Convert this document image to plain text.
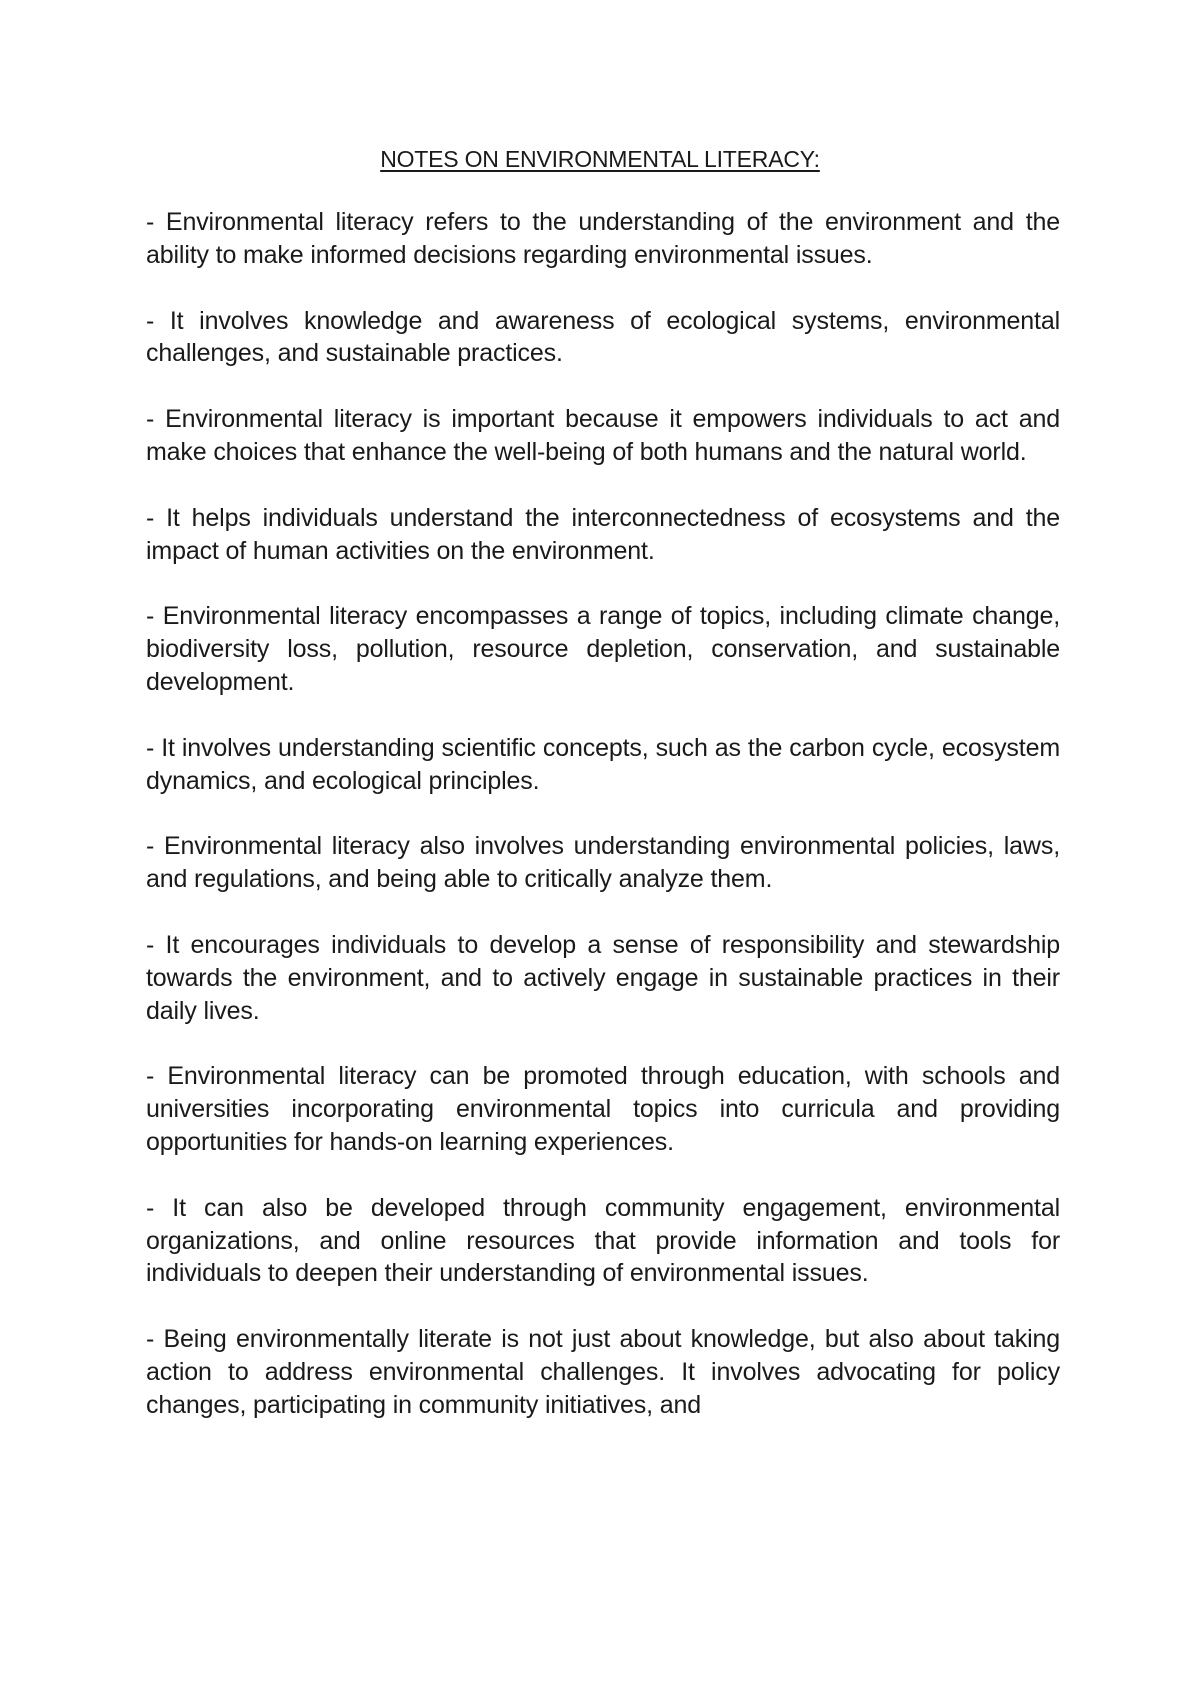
NOTES ON ENVIRONMENTAL LITERACY:

- Environmental literacy refers to the understanding of the environment and the ability to make informed decisions regarding environmental issues.

- It involves knowledge and awareness of ecological systems, environmental challenges, and sustainable practices.

- Environmental literacy is important because it empowers individuals to act and make choices that enhance the well-being of both humans and the natural world.

- It helps individuals understand the interconnectedness of ecosystems and the impact of human activities on the environment.

- Environmental literacy encompasses a range of topics, including climate change, biodiversity loss, pollution, resource depletion, conservation, and sustainable development.

- It involves understanding scientific concepts, such as the carbon cycle, ecosystem dynamics, and ecological principles.

- Environmental literacy also involves understanding environmental policies, laws, and regulations, and being able to critically analyze them.

- It encourages individuals to develop a sense of responsibility and stewardship towards the environment, and to actively engage in sustainable practices in their daily lives.

- Environmental literacy can be promoted through education, with schools and universities incorporating environmental topics into curricula and providing opportunities for hands-on learning experiences.

- It can also be developed through community engagement, environmental organizations, and online resources that provide information and tools for individuals to deepen their understanding of environmental issues.

- Being environmentally literate is not just about knowledge, but also about taking action to address environmental challenges. It involves advocating for policy changes, participating in community initiatives, and
